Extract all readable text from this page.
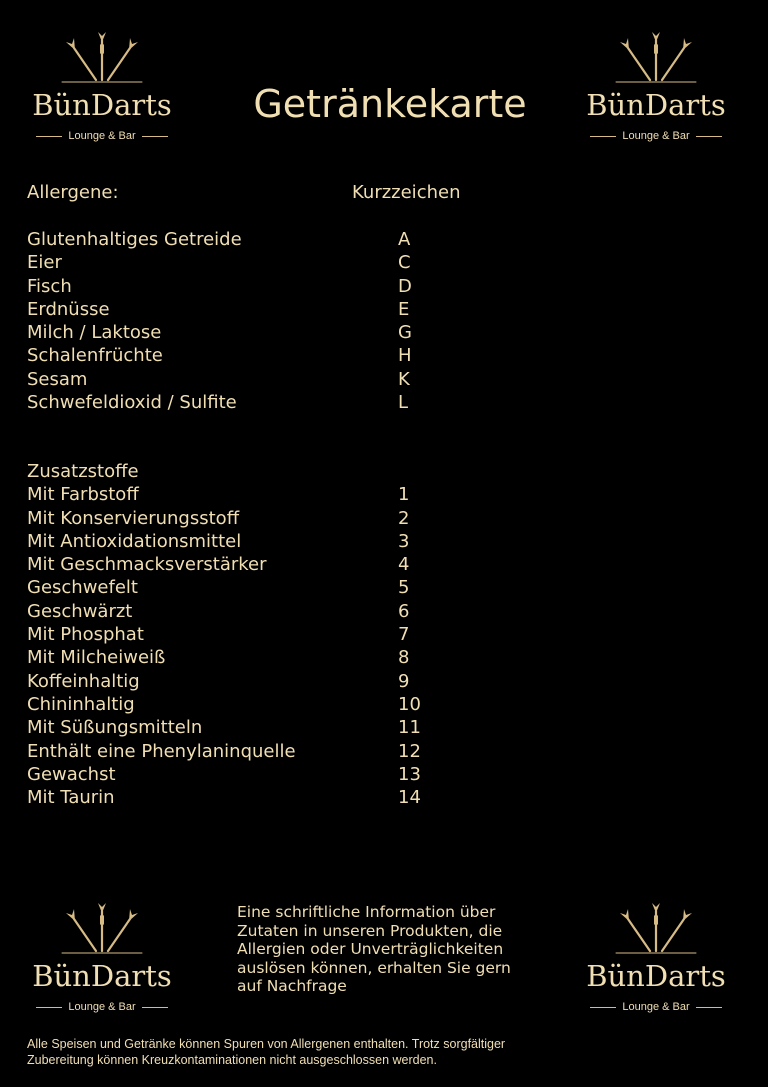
BünDarts
Lounge & Bar
BünDarts
Lounge & Bar
BünDarts
Lounge & Bar
BünDarts
Lounge & Bar
Getränkekarte
Allergene:	Kurzzeichen
Glutenhaltiges Getreide	A
Eier	C
Fisch	D
Erdnüsse	E
Milch / Laktose	G
Schalenfrüchte	H
Sesam	K
Schwefeldioxid / Sulfite	L
Zusatzstoffe
Mit Farbstoff	1
Mit Konservierungsstoff	2
Mit Antioxidationsmittel	3
Mit Geschmacksverstärker	4
Geschwefelt	5
Geschwärzt	6
Mit Phosphat	7
Mit Milcheiweiß	8
Koffeinhaltig	9
Chininhaltig	10
Mit Süßungsmitteln	11
Enthält eine Phenylaninquelle	12
Gewachst	13
Mit Taurin	14
Eine schriftliche Information über
Zutaten in unseren Produkten, die
Allergien oder Unverträglichkeiten
auslösen können, erhalten Sie gern
auf Nachfrage
Alle Speisen und Getränke können Spuren von Allergenen enthalten. Trotz sorgfältiger
Zubereitung können Kreuzkontaminationen nicht ausgeschlossen werden.
